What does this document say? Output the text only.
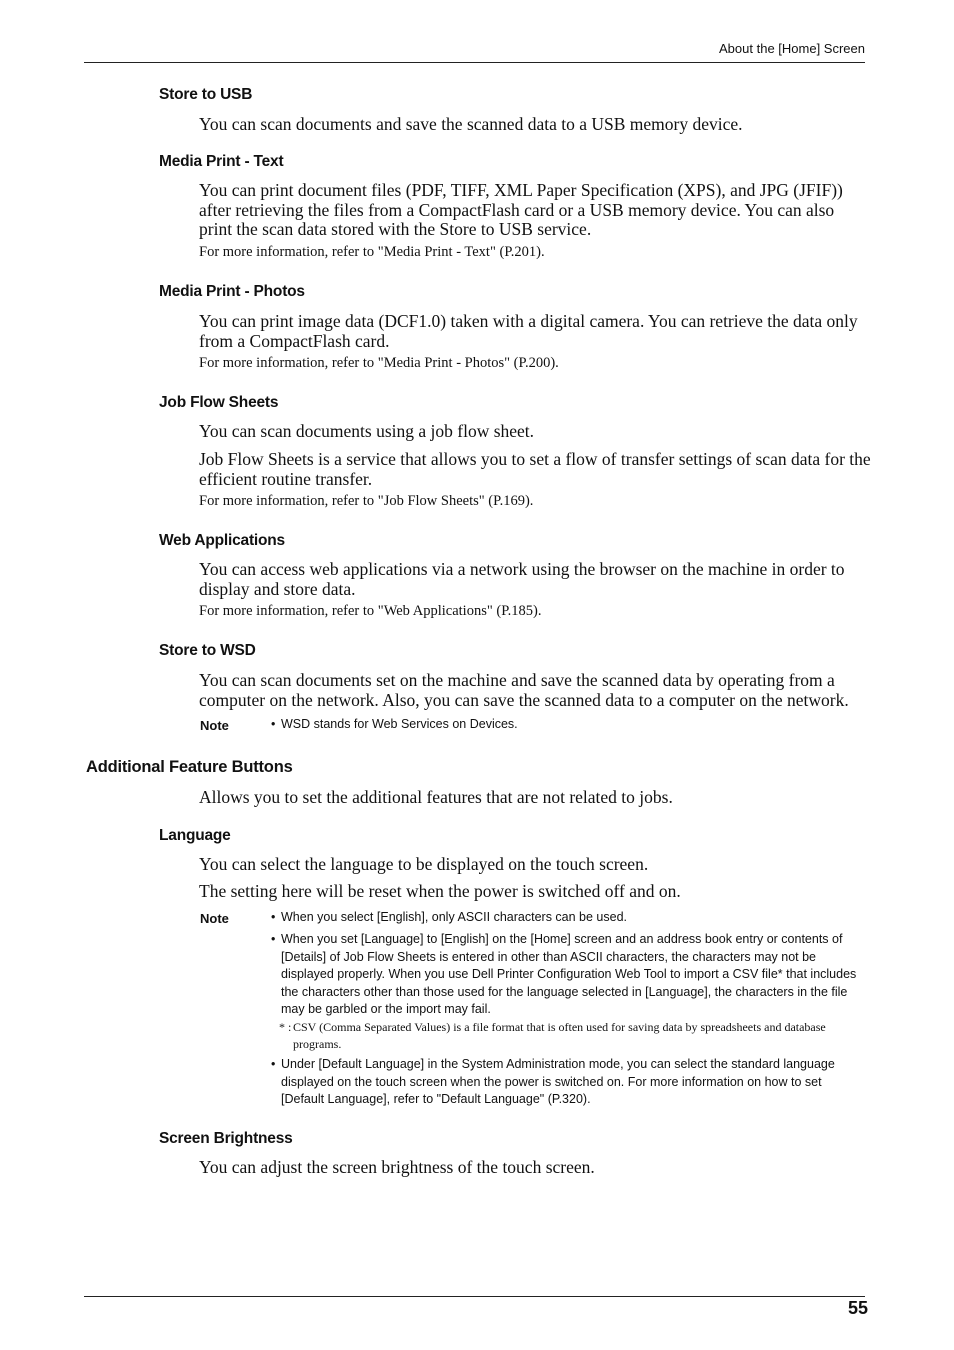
About the [Home] Screen
Store to USB

You can scan documents and save the scanned data to a USB memory device.

Media Print - Text

You can print document files (PDF, TIFF, XML Paper Specification (XPS), and JPG (JFIF)) after retrieving the files from a CompactFlash card or a USB memory device. You can also print the scan data stored with the Store to USB service.

For more information, refer to "Media Print - Text" (P.201).
Media Print - Photos

You can print image data (DCF1.0) taken with a digital camera. You can retrieve the data only from a CompactFlash card.

For more information, refer to "Media Print - Photos" (P.200).
Job Flow Sheets

You can scan documents using a job flow sheet.

Job Flow Sheets is a service that allows you to set a flow of transfer settings of scan data for the efficient routine transfer.

For more information, refer to "Job Flow Sheets" (P.169).
Web Applications

You can access web applications via a network using the browser on the machine in order to display and store data.

For more information, refer to "Web Applications" (P.185).
Store to WSD

You can scan documents set on the machine and save the scanned data by operating from a computer on the network. Also, you can save the scanned data to a computer on the network.

Note	• WSD stands for Web Services on Devices.
Additional Feature Buttons

Allows you to set the additional features that are not related to jobs.

Language

You can select the language to be displayed on the touch screen.

The setting here will be reset when the power is switched off and on.

Note	• When you select [English], only ASCII characters can be used.
• When you set [Language] to [English] on the [Home] screen and an address book entry or contents of [Details] of Job Flow Sheets is entered in other than ASCII characters, the characters may not be displayed properly. When you use Dell Printer Configuration Web Tool to import a CSV file* that includes the characters other than those used for the language selected in [Language], the characters in the file may be garbled or the import may fail.
* : CSV (Comma Separated Values) is a file format that is often used for saving data by spreadsheets and database programs.
• Under [Default Language] in the System Administration mode, you can select the standard language displayed on the touch screen when the power is switched on. For more information on how to set [Default Language], refer to "Default Language" (P.320).
Screen Brightness

You can adjust the screen brightness of the touch screen.

55
